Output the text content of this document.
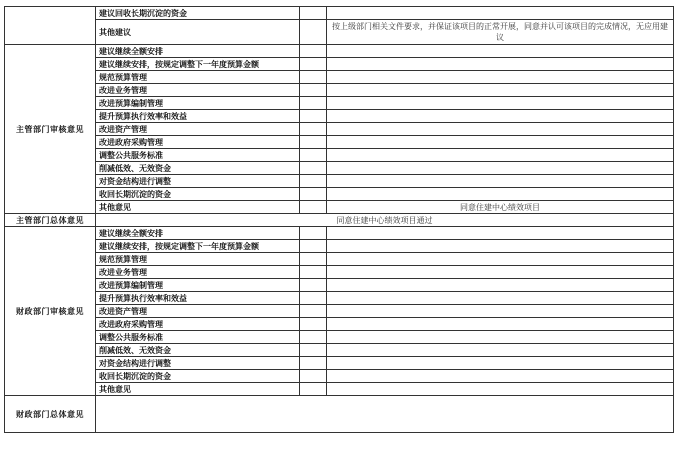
	建议回收长期沉淀的资金		
	其他建议		按上级部门相关文件要求，并保证该项目的正常开展，同意并认可该项目的完成情况，无应用建议
主管部门审核意见	建议继续全额安排		
	建议继续安排，按规定调整下一年度预算金额		
	规范预算管理		
	改进业务管理		
	改进预算编制管理		
	提升预算执行效率和效益		
	改进资产管理		
	改进政府采购管理		
	调整公共服务标准		
	削减低效、无效资金		
	对资金结构进行调整		
	收回长期沉淀的资金		
	其他意见		同意住建中心绩效项目
主管部门总体意见	同意住建中心绩效项目通过		
财政部门审核意见	建议继续全额安排		
	建议继续安排，按规定调整下一年度预算金额		
	规范预算管理		
	改进业务管理		
	改进预算编制管理		
	提升预算执行效率和效益		
	改进资产管理		
	改进政府采购管理		
	调整公共服务标准		
	削减低效、无效资金		
	对资金结构进行调整		
	收回长期沉淀的资金		
	其他意见		
财政部门总体意见			
